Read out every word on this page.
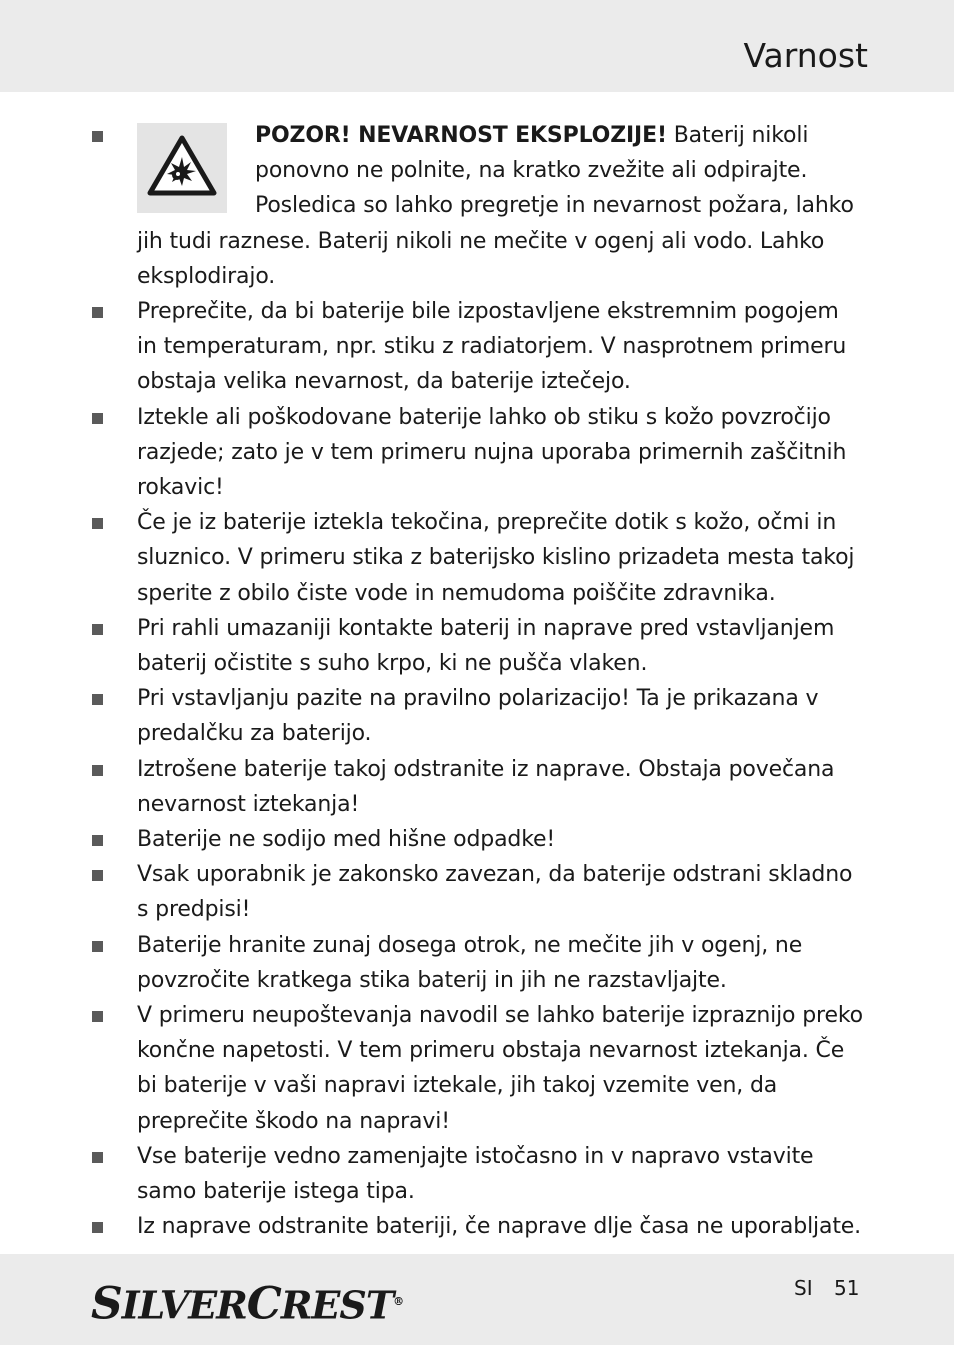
Varnost
POZOR! NEVARNOST EKSPLOZIJE! Baterij nikoli ponovno ne polnite, na kratko zvežite ali odpirajte. Posledica so lahko pregretje in nevarnost požara, lahko jih tudi raznese. Baterij nikoli ne mečite v ogenj ali vodo. Lahko eksplodirajo.
Preprečite, da bi baterije bile izpostavljene ekstremnim pogojem in temperaturam, npr. stiku z radiatorjem. V nasprotnem primeru obstaja velika nevarnost, da baterije iztečejo.
Iztekle ali poškodovane baterije lahko ob stiku s kožo povzročijo razjede; zato je v tem primeru nujna uporaba primernih zaščitnih rokavic!
Če je iz baterije iztekla tekočina, preprečite dotik s kožo, očmi in sluznico. V primeru stika z baterijsko kislino prizadeta mesta takoj sperite z obilo čiste vode in nemudoma poiščite zdravnika.
Pri rahli umazaniji kontakte baterij in naprave pred vstavljanjem baterij očistite s suho krpo, ki ne pušča vlaken.
Pri vstavljanju pazite na pravilno polarizacijo! Ta je prikazana v predalčku za baterijo.
Iztrošene baterije takoj odstranite iz naprave. Obstaja povečana nevarnost iztekanja!
Baterije ne sodijo med hišne odpadke!
Vsak uporabnik je zakonsko zavezan, da baterije odstrani skladno s predpisi!
Baterije hranite zunaj dosega otrok, ne mečite jih v ogenj, ne povzročite kratkega stika baterij in jih ne razstavljajte.
V primeru neupoštevanja navodil se lahko baterije izpraznijo preko končne napetosti. V tem primeru obstaja nevarnost iztekanja. Če bi baterije v vaši napravi iztekale, jih takoj vzemite ven, da preprečite škodo na napravi!
Vse baterije vedno zamenjajte istočasno in v napravo vstavite samo baterije istega tipa.
Iz naprave odstranite bateriji, če naprave dlje časa ne uporabljate.
SILVERCREST®
SI 51
